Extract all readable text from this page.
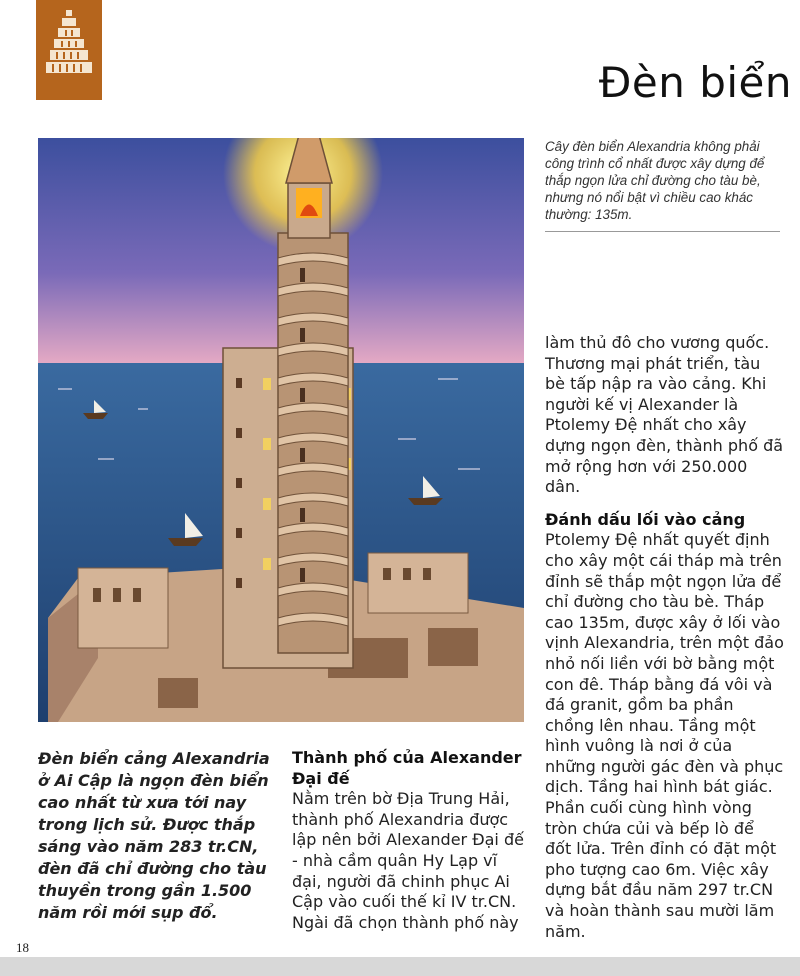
Đèn biển
Cây đèn biển Alexandria không phải công trình cổ nhất được xây dựng để thắp ngọn lửa chỉ đường cho tàu bè, nhưng nó nổi bật vì chiều cao khác thường: 135m.

làm thủ đô cho vương quốc. Thương mại phát triển, tàu bè tấp nập ra vào cảng. Khi người kế vị Alexander là Ptolemy Đệ nhất cho xây dựng ngọn đèn, thành phố đã mở rộng hơn với 250.000 dân.

Đánh dấu lối vào cảng

Ptolemy Đệ nhất quyết định cho xây một cái tháp mà trên đỉnh sẽ thắp một ngọn lửa để chỉ đường cho tàu bè. Tháp cao 135m, được xây ở lối vào vịnh Alexandria, trên một đảo nhỏ nối liền với bờ bằng một con đê. Tháp bằng đá vôi và đá granit, gồm ba phần chồng lên nhau. Tầng một hình vuông là nơi ở của những người gác đèn và phục dịch. Tầng hai hình bát giác. Phần cuối cùng hình vòng tròn chứa củi và bếp lò để đốt lửa. Trên đỉnh có đặt một pho tượng cao 6m. Việc xây dựng bắt đầu năm 297 tr.CN và hoàn thành sau mười lăm năm.

Đèn biển cảng Alexandria ở Ai Cập là ngọn đèn biển cao nhất từ xưa tới nay trong lịch sử. Được thắp sáng vào năm 283 tr.CN, đèn đã chỉ đường cho tàu thuyền trong gần 1.500 năm rồi mới sụp đổ.

Thành phố của Alexander Đại đế

Nằm trên bờ Địa Trung Hải, thành phố Alexandria được lập nên bởi Alexander Đại đế - nhà cầm quân Hy Lạp vĩ đại, người đã chinh phục Ai Cập vào cuối thế kỉ IV tr.CN. Ngài đã chọn thành phố này

18
